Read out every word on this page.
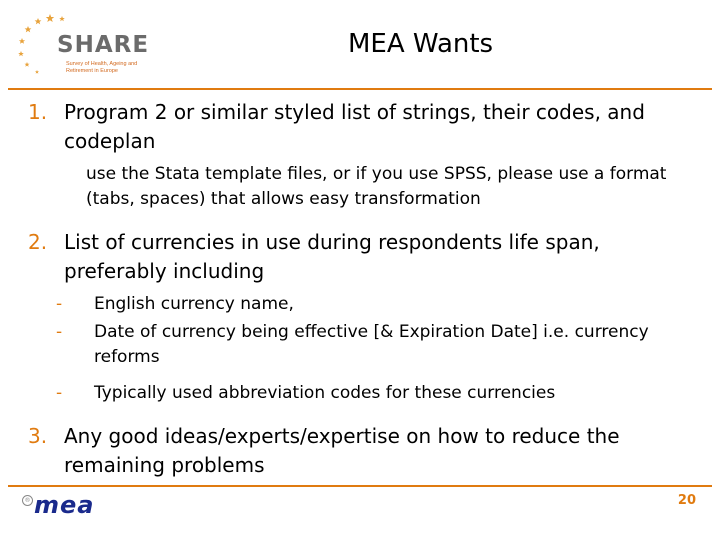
SHARE
Survey of Health, Ageing and Retirement in Europe
MEA Wants
1. Program 2 or similar styled list of strings, their codes, and codeplan
use the Stata template files, or if you use SPSS, please use a format (tabs, spaces) that allows easy transformation
2. List of currencies in use during respondents life span, preferably including
- English currency name,
- Date of currency being effective [& Expiration Date] i.e. currency reforms
- Typically used abbreviation codes for these currencies
3. Any good ideas/experts/expertise on how to reduce the remaining problems
® mea	20
